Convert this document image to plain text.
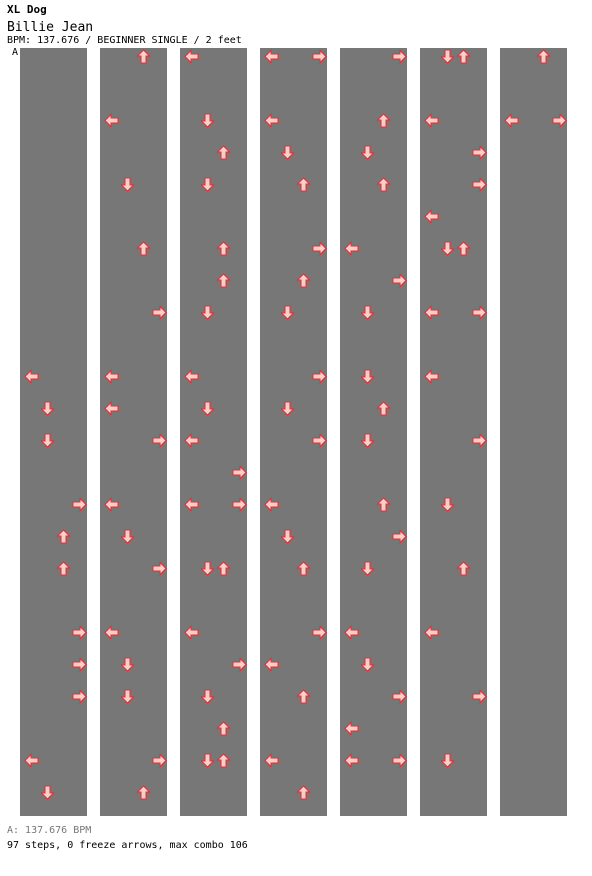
XL Dog
Billie Jean
BPM: 137.676 / BEGINNER SINGLE / 2 feet
A
A: 137.676 BPM
97 steps, 0 freeze arrows, max combo 106
